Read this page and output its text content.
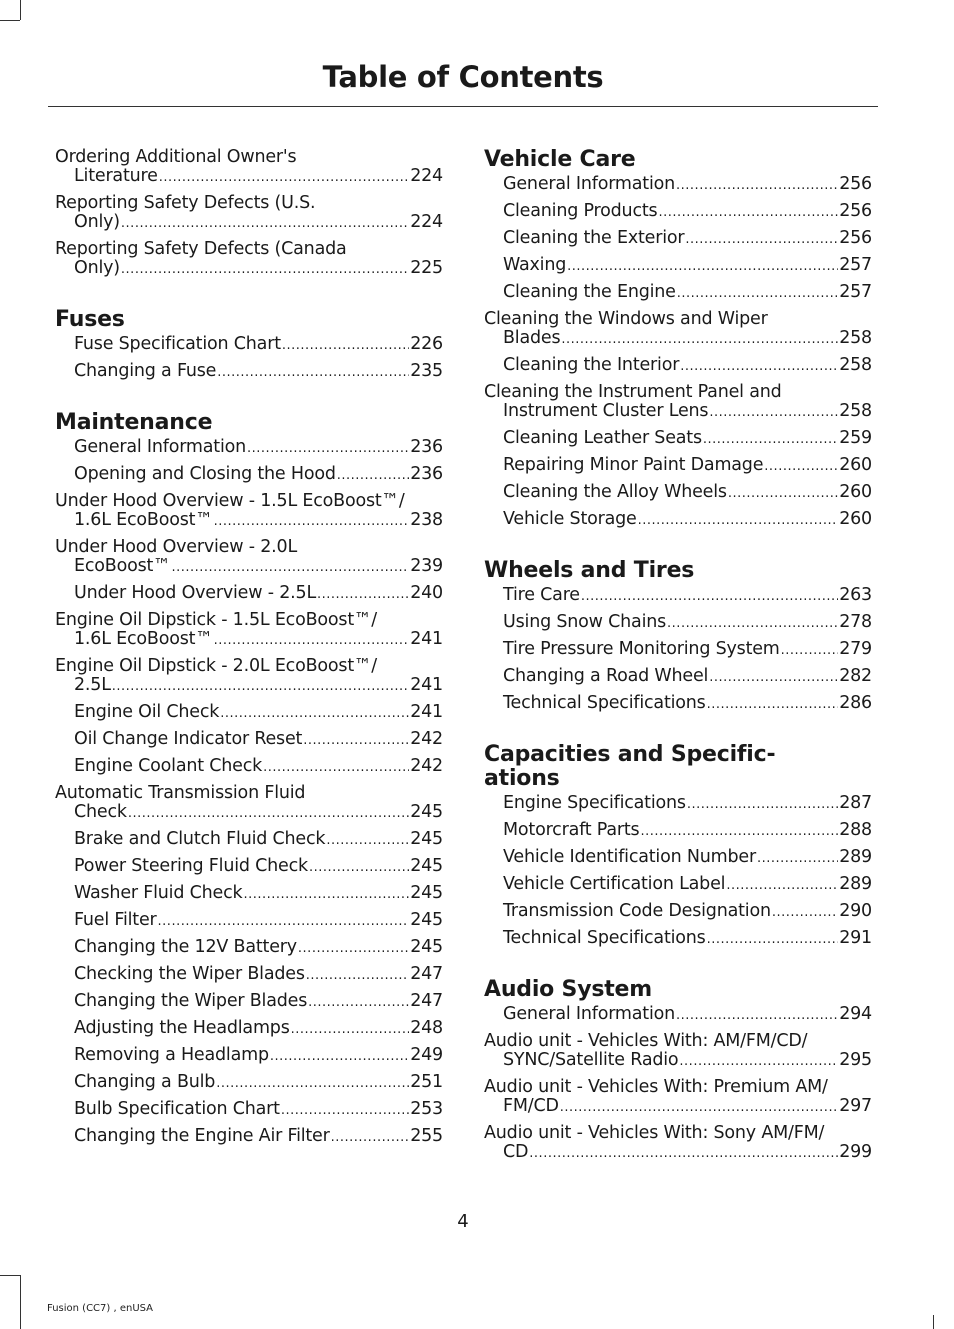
Table of Contents
Ordering Additional Owner's
Literature .....	224
Reporting Safety Defects (U.S.
Only) .....	224
Reporting Safety Defects (Canada
Only) .....	225
Fuses
Fuse Specification Chart .....	226
Changing a Fuse .....	235
Maintenance
General Information .....	236
Opening and Closing the Hood .....	236
Under Hood Overview - 1.5L EcoBoost™/
1.6L EcoBoost™ .....	238
Under Hood Overview - 2.0L
EcoBoost™ .....	239
Under Hood Overview - 2.5L .....	240
Engine Oil Dipstick - 1.5L EcoBoost™/
1.6L EcoBoost™ .....	241
Engine Oil Dipstick - 2.0L EcoBoost™/
2.5L .....	241
Engine Oil Check .....	241
Oil Change Indicator Reset .....	242
Engine Coolant Check .....	242
Automatic Transmission Fluid
Check .....	245
Brake and Clutch Fluid Check .....	245
Power Steering Fluid Check .....	245
Washer Fluid Check .....	245
Fuel Filter .....	245
Changing the 12V Battery .....	245
Checking the Wiper Blades .....	247
Changing the Wiper Blades .....	247
Adjusting the Headlamps .....	248
Removing a Headlamp .....	249
Changing a Bulb .....	251
Bulb Specification Chart .....	253
Changing the Engine Air Filter .....	255
Vehicle Care
General Information .....	256
Cleaning Products .....	256
Cleaning the Exterior .....	256
Waxing .....	257
Cleaning the Engine .....	257
Cleaning the Windows and Wiper
Blades .....	258
Cleaning the Interior .....	258
Cleaning the Instrument Panel and
Instrument Cluster Lens .....	258
Cleaning Leather Seats .....	259
Repairing Minor Paint Damage .....	260
Cleaning the Alloy Wheels .....	260
Vehicle Storage .....	260
Wheels and Tires
Tire Care .....	263
Using Snow Chains .....	278
Tire Pressure Monitoring System .....	279
Changing a Road Wheel .....	282
Technical Specifications .....	286
Capacities and Specific-
ations
Engine Specifications .....	287
Motorcraft Parts .....	288
Vehicle Identification Number .....	289
Vehicle Certification Label .....	289
Transmission Code Designation .....	290
Technical Specifications .....	291
Audio System
General Information .....	294
Audio unit - Vehicles With: AM/FM/CD/
SYNC/Satellite Radio .....	295
Audio unit - Vehicles With: Premium AM/
FM/CD .....	297
Audio unit - Vehicles With: Sony AM/FM/
CD .....	299
4
Fusion (CC7) , enUSA
